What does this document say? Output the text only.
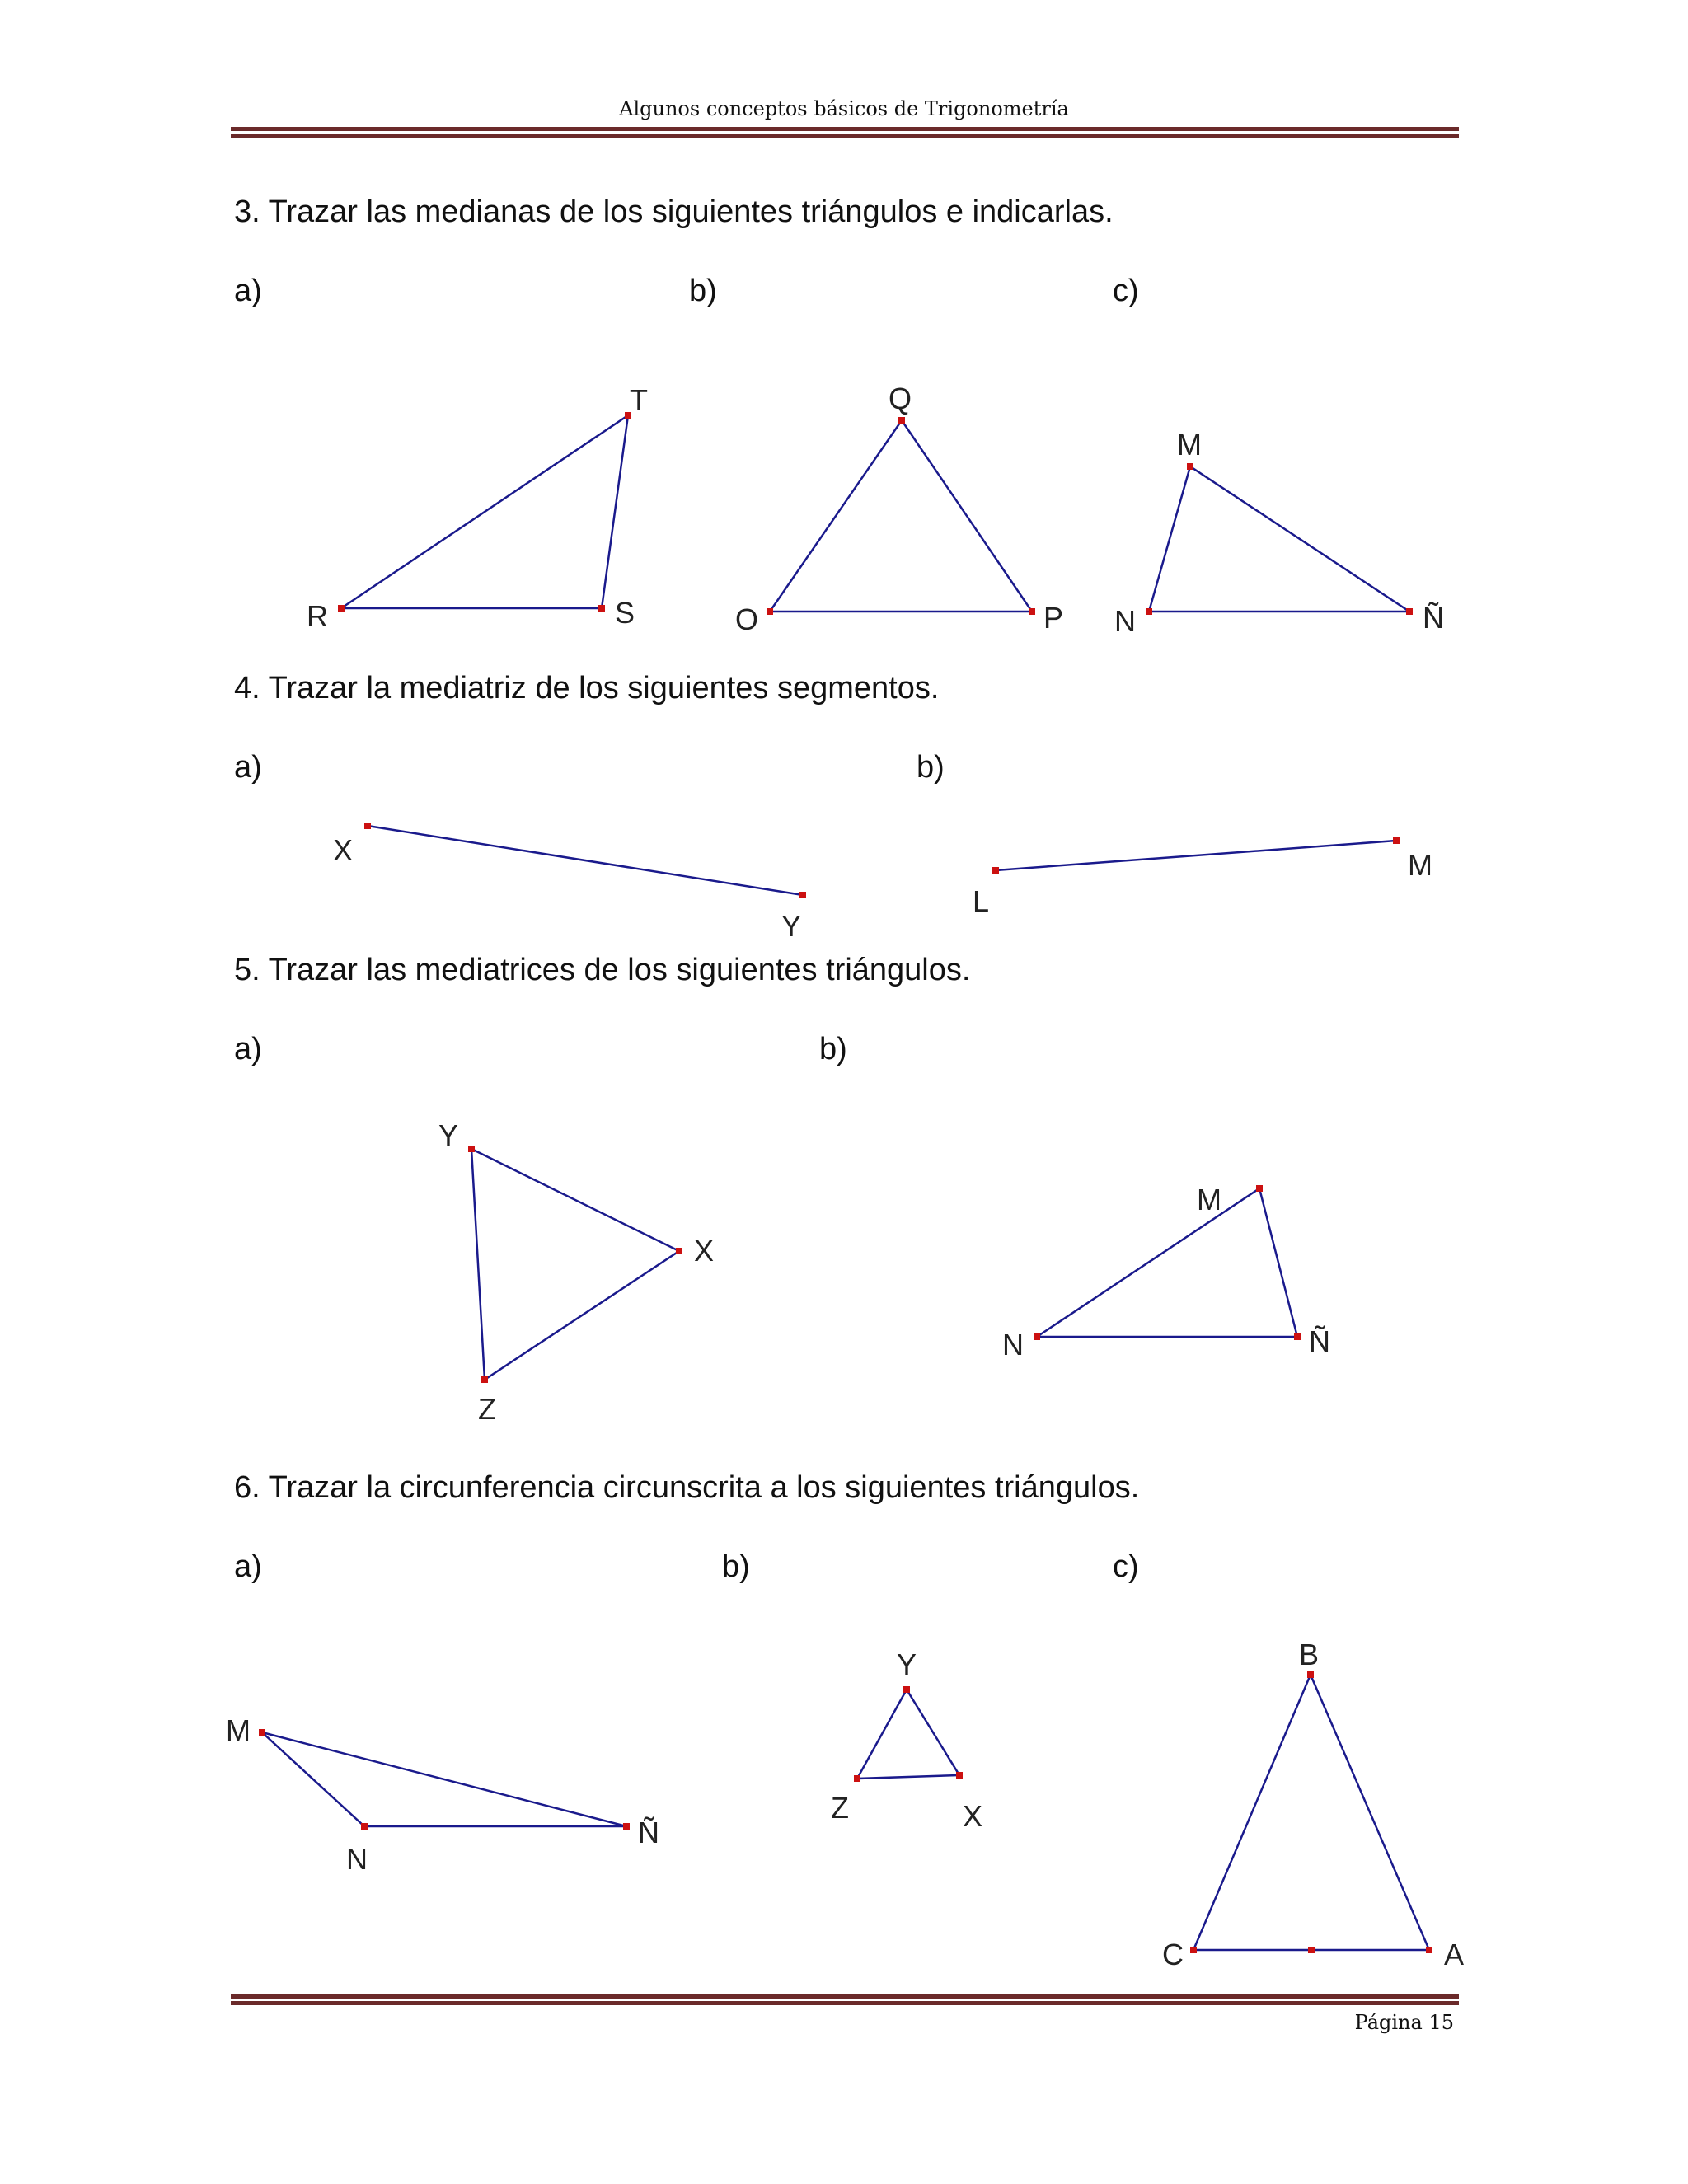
Algunos conceptos básicos de Trigonometría
3. Trazar las medianas de los siguientes triángulos e indicarlas.
a)	b)	c)
4. Trazar la mediatriz de los siguientes segmentos.
a)	b)
5. Trazar las mediatrices de los siguientes triángulos.
a)	b)
6. Trazar la circunferencia circunscrita a los siguientes triángulos.
a)	b)	c)
R	S
T
O	P
Q
N	Ñ
M
X
Y
L
M
Y
X
Z
M
N	Ñ
M
N
Ñ
Y
Z	X
B
C	A
Página 15
